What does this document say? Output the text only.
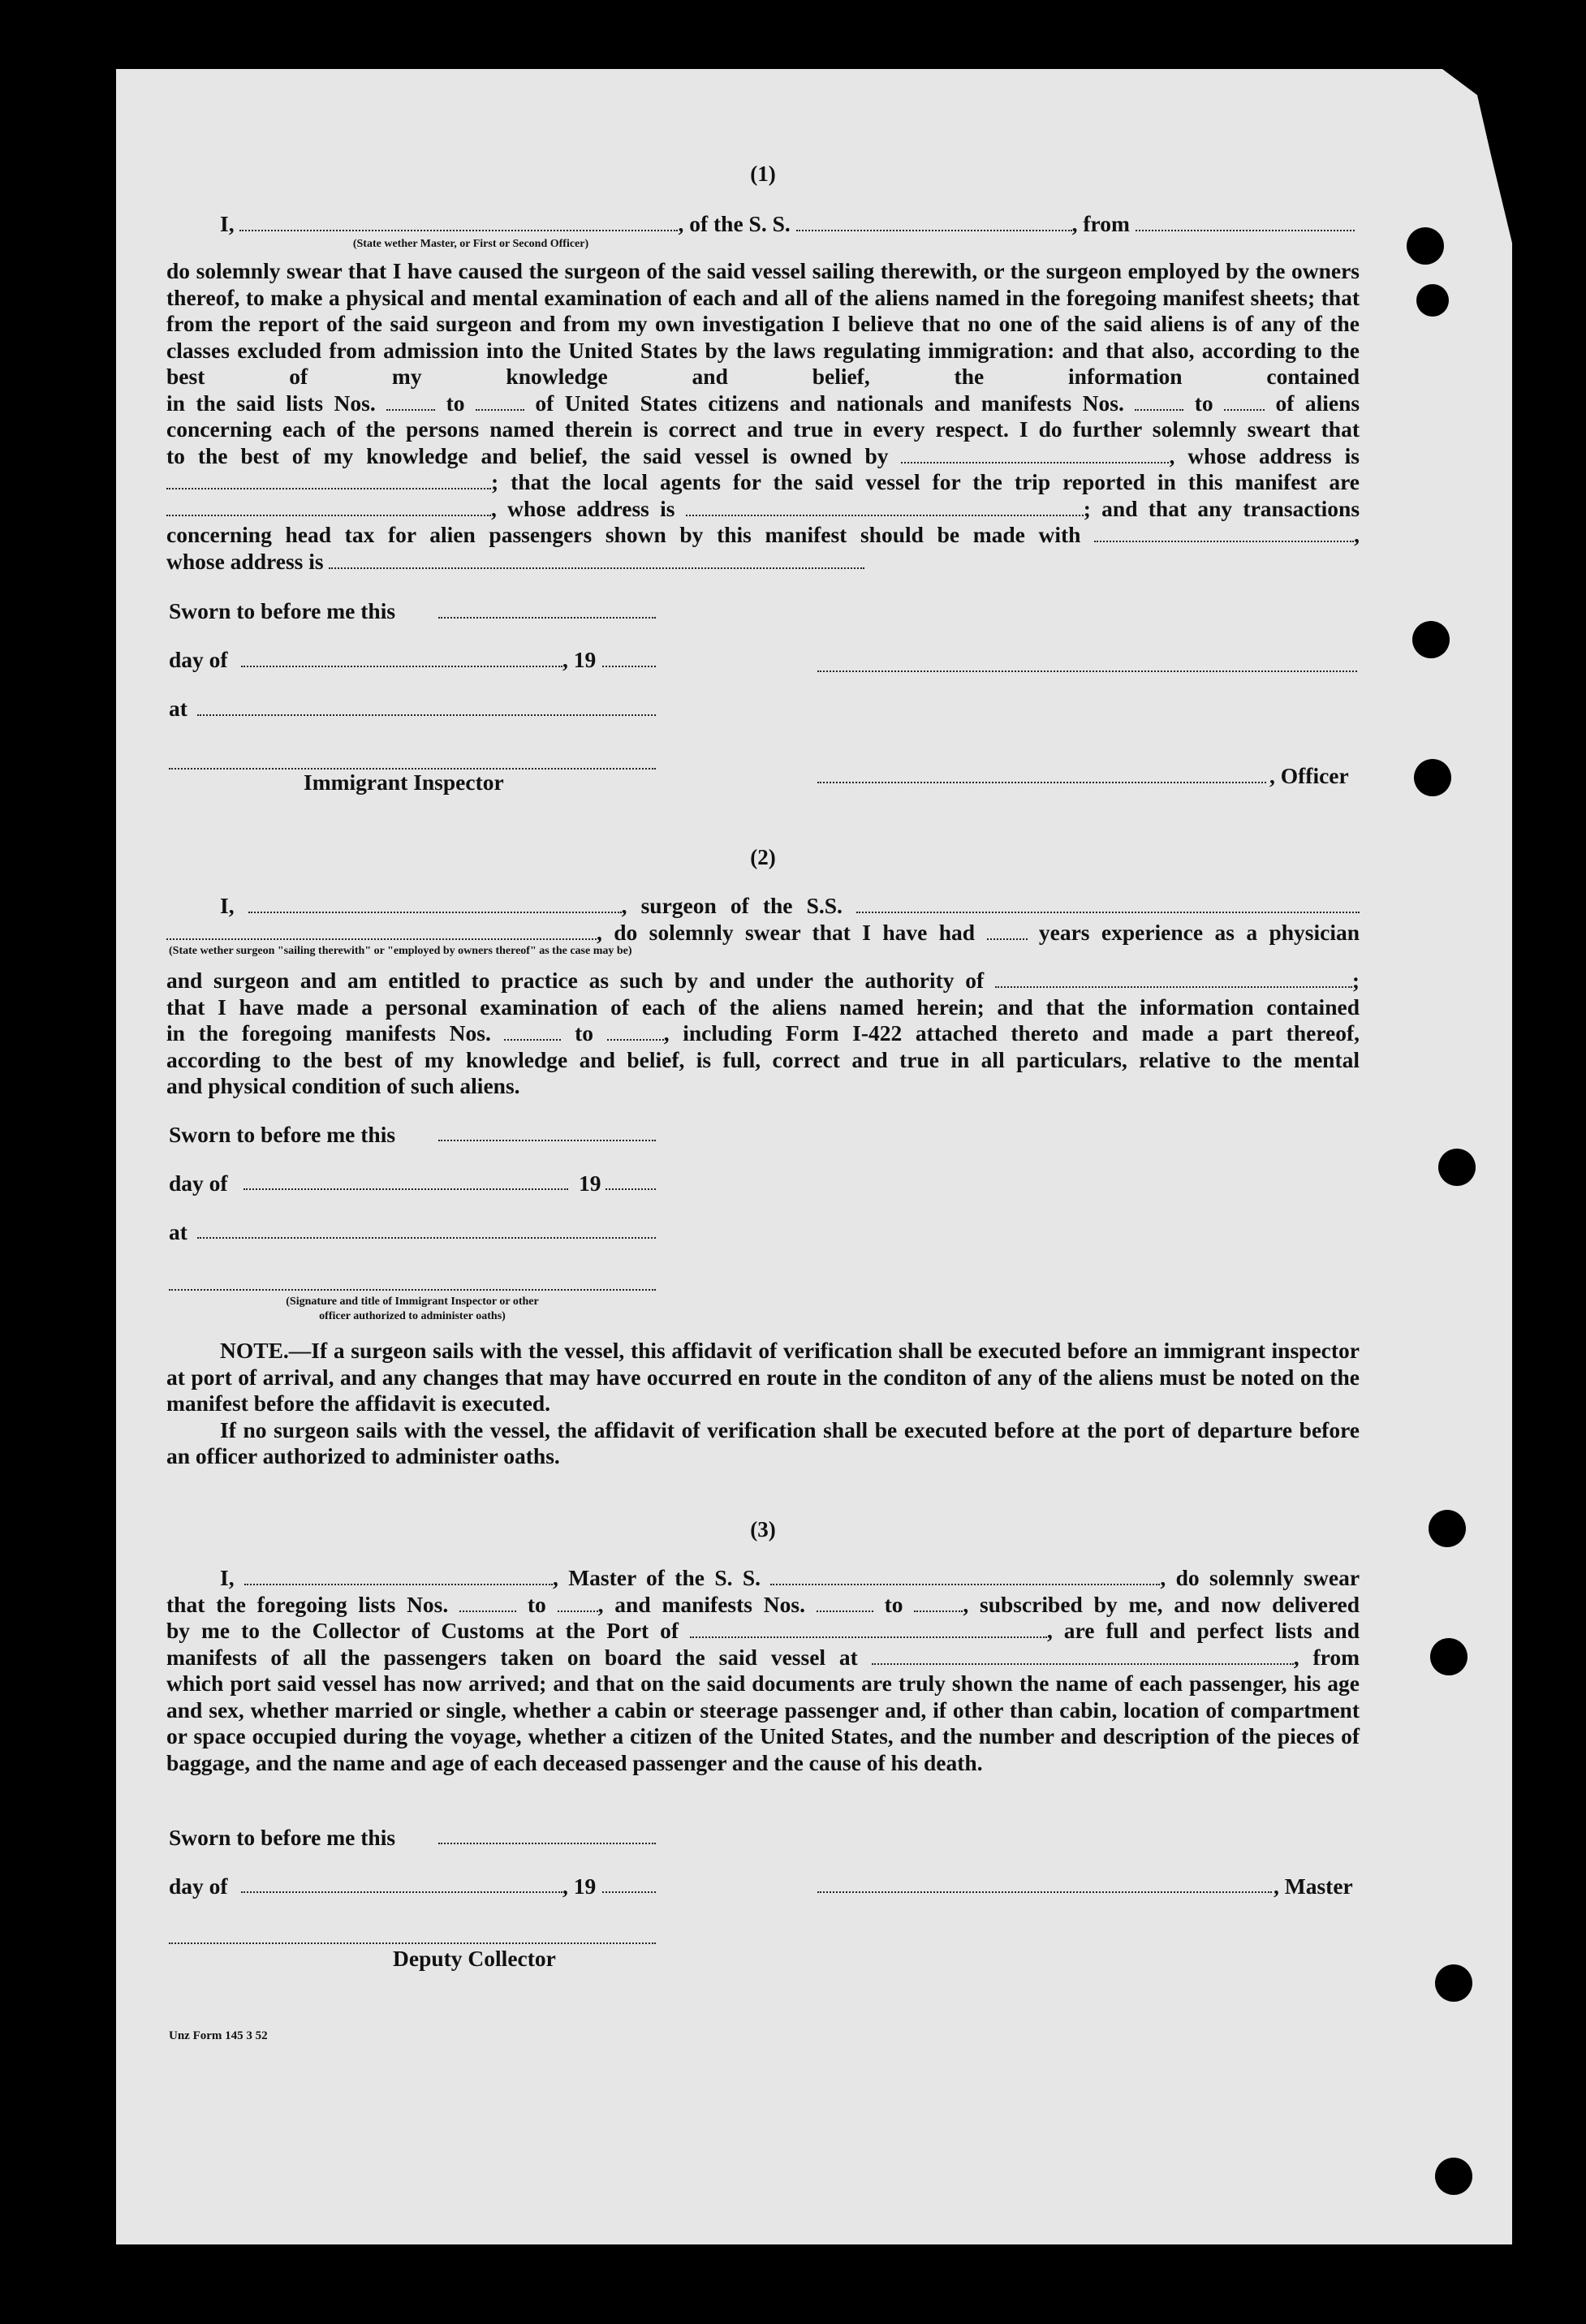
(1)
I,	, of the S. S.	, from
(State wether Master, or First or Second Officer)
do solemnly swear that I have caused the surgeon of the said vessel sailing therewith, or the surgeon employed by the owners thereof, to make a physical and mental examination of each and all of the aliens named in the foregoing manifest sheets; that from the report of the said surgeon and from my own investigation I believe that no one of the said aliens is of any of the classes excluded from admission into the United States by the laws regulating immigration: and that also, according to the best of my knowledge and belief, the information contained
in the said lists Nos.	to	of United States citizens and nationals and manifests Nos.	to	of aliens
concerning each of the persons named therein is correct and true in every respect. I do further solemnly sweart that
to the best of my knowledge and belief, the said vessel is owned by	, whose address is
; that the local agents for the said vessel for the trip reported in this manifest are
, whose address is	; and that any transactions
concerning head tax for alien passengers shown by this manifest should be made with	,
whose address is
Sworn to before me this
day of	, 19
at
Immigrant Inspector	, Officer
(2)
I,	, surgeon of the S.S.
, do solemnly swear that I have had	years experience as a physician
(State wether surgeon "sailing therewith" or "employed by owners thereof" as the case may be)
and surgeon and am entitled to practice as such by and under the authority of	;
that I have made a personal examination of each of the aliens named herein; and that the information contained
in the foregoing manifests Nos.	to	, including Form I-422 attached thereto and made a part thereof,
according to the best of my knowledge and belief, is full, correct and true in all particulars, relative to the mental
and physical condition of such aliens.
Sworn to before me this
day of	19
at
(Signature and title of Immigrant Inspector or other
officer authorized to administer oaths)
NOTE.—If a surgeon sails with the vessel, this affidavit of verification shall be executed before an immigrant inspector at port of arrival, and any changes that may have occurred en route in the conditon of any of the aliens must be noted on the manifest before the affidavit is executed.
If no surgeon sails with the vessel, the affidavit of verification shall be executed before at the port of departure before an officer authorized to administer oaths.
(3)
I,	, Master of the S. S.	, do solemnly swear
that the foregoing lists Nos.	to , and manifests Nos.	to	, subscribed by me, and now delivered
by me to the Collector of Customs at the Port of	, are full and perfect lists and
manifests of all the passengers taken on board the said vessel at	, from
which port said vessel has now arrived; and that on the said documents are truly shown the name of each passenger, his age and sex, whether married or single, whether a cabin or steerage passenger and, if other than cabin, location of compartment or space occupied during the voyage, whether a citizen of the United States, and the number and description of the pieces of baggage, and the name and age of each deceased passenger and the cause of his death.
Sworn to before me this
day of	, 19	, Master
Deputy Collector
Unz Form 145 3 52
